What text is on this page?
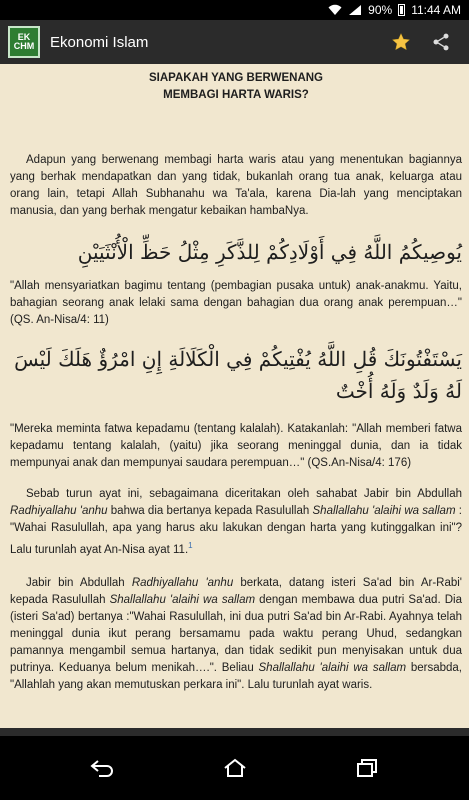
90% 11:44 AM
EK CHM	Ekonomi Islam
SIAPAKAH YANG BERWENANG
MEMBAGI HARTA WARIS?

Adapun yang berwenang membagi harta waris atau yang menentukan bagiannya yang berhak mendapatkan dan yang tidak, bukanlah orang tua anak, keluarga atau orang lain, tetapi Allah Subhanahu wa Ta'ala, karena Dia-lah yang menciptakan manusia, dan yang berhak mengatur kebaikan hambaNya.

يُوصِيكُمُ اللَّهُ فِي أَوْلَادِكُمْ لِلذَّكَرِ مِثْلُ حَظِّ الْأُنْثَيَيْنِ

"Allah mensyariatkan bagimu tentang (pembagian pusaka untuk) anak-anakmu. Yaitu, bahagian seorang anak lelaki sama dengan bahagian dua orang anak perempuan…"(QS. An-Nisa/4: 11)

يَسْتَفْتُونَكَ قُلِ اللَّهُ يُفْتِيكُمْ فِي الْكَلَالَةِ إِنِ امْرُؤٌ هَلَكَ لَيْسَ لَهُ وَلَدٌ وَلَهُ أُخْتٌ

"Mereka meminta fatwa kepadamu (tentang kalalah). Katakanlah: "Allah memberi fatwa kepadamu tentang kalalah, (yaitu) jika seorang meninggal dunia, dan ia tidak mempunyai anak dan mempunyai saudara perempuan…" (QS.An-Nisa/4: 176)

Sebab turun ayat ini, sebagaimana diceritakan oleh sahabat Jabir bin Abdullah Radhiyallahu 'anhu bahwa dia bertanya kepada Rasulullah Shallallahu 'alaihi wa sallam : "Wahai Rasulullah, apa yang harus aku lakukan dengan harta yang kutinggalkan ini"? Lalu turunlah ayat An-Nisa ayat 11.$^1$

Jabir bin Abdullah Radhiyallahu 'anhu berkata, datang isteri Sa'ad bin Ar-Rabi' kepada Rasulullah Shallallahu 'alaihi wa sallam dengan membawa dua putri Sa'ad. Dia (isteri Sa'ad) bertanya :"Wahai Rasulullah, ini dua putri Sa'ad bin Ar-Rabi. Ayahnya telah meninggal dunia ikut perang bersamamu pada waktu perang Uhud, sedangkan pamannya mengambil semua hartanya, dan tidak sedikit pun menyisakan untuk dua putrinya. Keduanya belum menikah….". Beliau Shallallahu 'alaihi wa sallam bersabda, "Allahlah yang akan memutuskan perkara ini". Lalu turunlah ayat waris.
